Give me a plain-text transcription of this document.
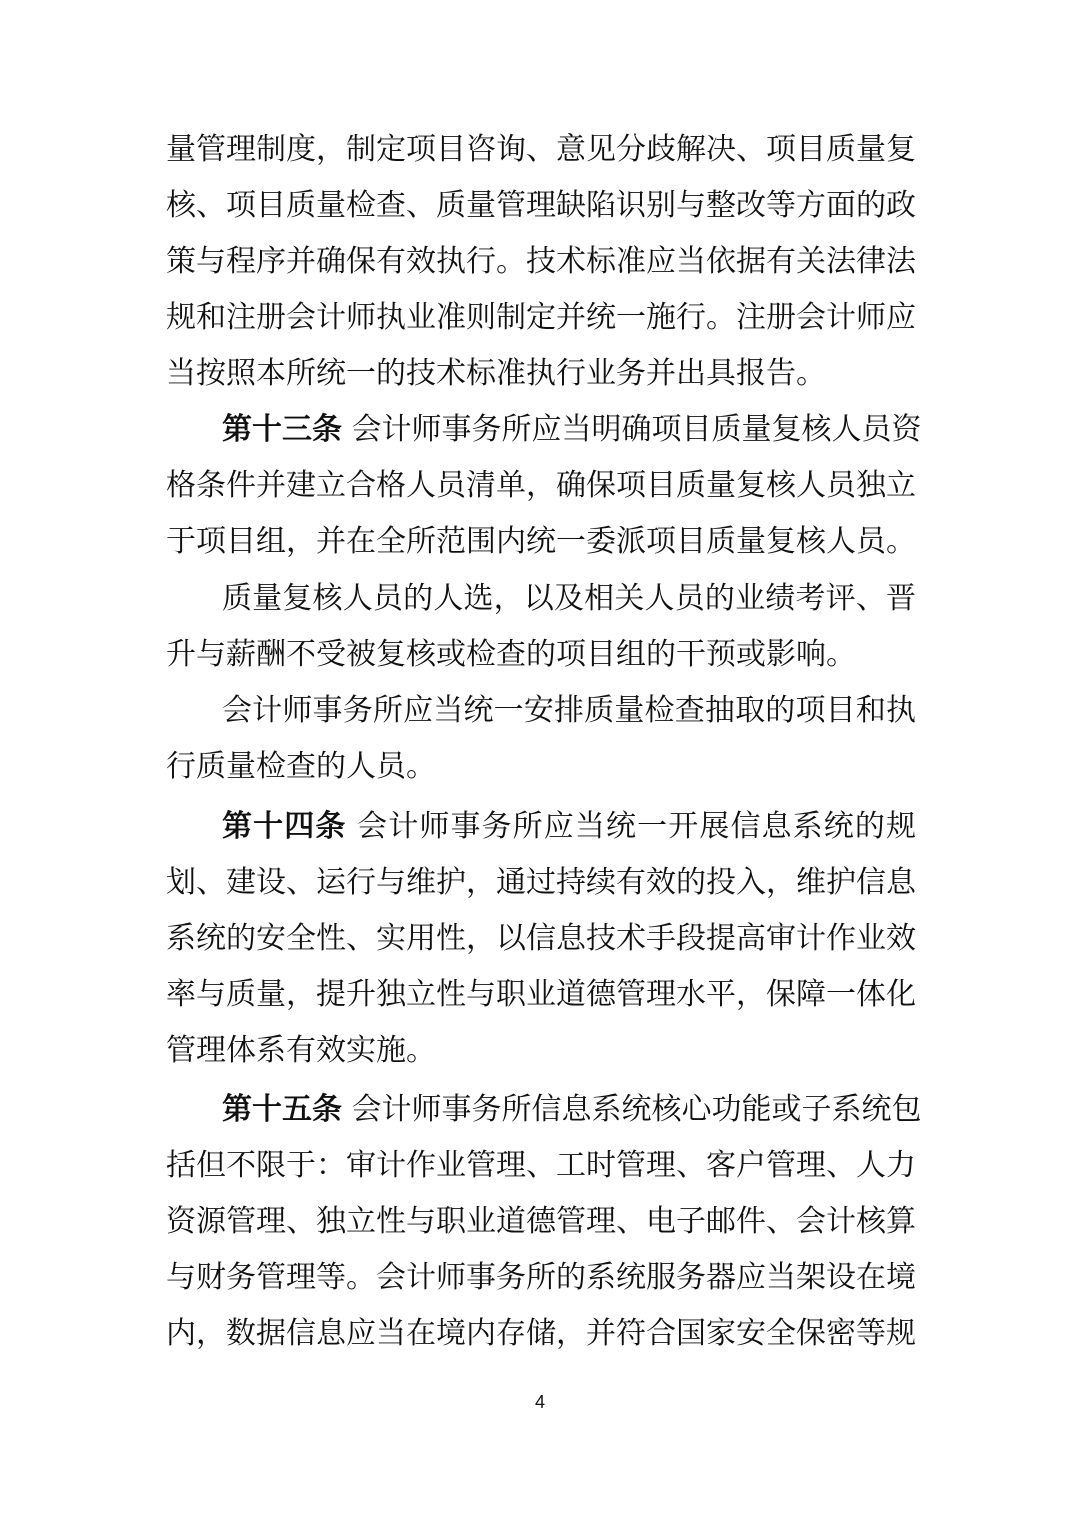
量管理制度，制定项目咨询、意见分歧解决、项目质量复
核、项目质量检查、质量管理缺陷识别与整改等方面的政
策与程序并确保有效执行。技术标准应当依据有关法律法
规和注册会计师执业准则制定并统一施行。注册会计师应
当按照本所统一的技术标准执行业务并出具报告。
第十三条 会计师事务所应当明确项目质量复核人员资
格条件并建立合格人员清单，确保项目质量复核人员独立
于项目组，并在全所范围内统一委派项目质量复核人员。
质量复核人员的人选，以及相关人员的业绩考评、晋
升与薪酬不受被复核或检查的项目组的干预或影响。
会计师事务所应当统一安排质量检查抽取的项目和执
行质量检查的人员。
第十四条 会计师事务所应当统一开展信息系统的规
划、建设、运行与维护，通过持续有效的投入，维护信息
系统的安全性、实用性，以信息技术手段提高审计作业效
率与质量，提升独立性与职业道德管理水平，保障一体化
管理体系有效实施。
第十五条 会计师事务所信息系统核心功能或子系统包
括但不限于：审计作业管理、工时管理、客户管理、人力
资源管理、独立性与职业道德管理、电子邮件、会计核算
与财务管理等。会计师事务所的系统服务器应当架设在境
内，数据信息应当在境内存储，并符合国家安全保密等规
4
